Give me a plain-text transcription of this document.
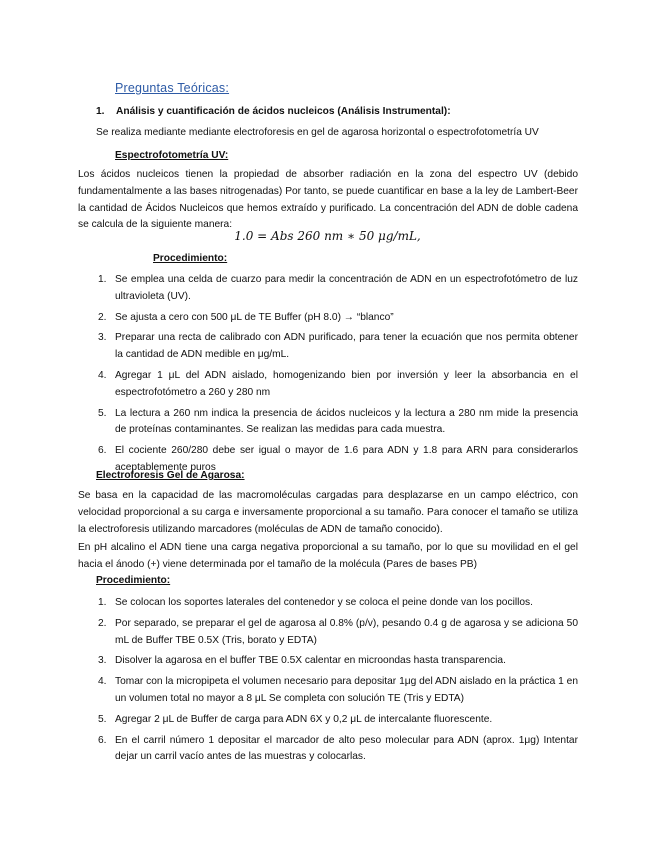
Preguntas Teóricas:
1. Análisis y cuantificación de ácidos nucleicos (Análisis Instrumental):
Se realiza mediante mediante electroforesis en gel de agarosa horizontal o espectrofotometría UV
Espectrofotometría UV:
Los ácidos nucleicos tienen la propiedad de absorber radiación en la zona del espectro UV (debido fundamentalmente a las bases nitrogenadas) Por tanto, se puede cuantificar en base a la ley de Lambert-Beer la cantidad de Ácidos Nucleicos que hemos extraído y purificado. La concentración del ADN de doble cadena se calcula de la siguiente manera:
1.0 = Abs 260 nm ∗ 50 μg/mL,
Procedimiento:
1. Se emplea una celda de cuarzo para medir la concentración de ADN en un espectrofotómetro de luz ultravioleta (UV).
2. Se ajusta a cero con 500 μL de TE Buffer (pH 8.0) → “blanco”
3. Preparar una recta de calibrado con ADN purificado, para tener la ecuación que nos permita obtener la cantidad de ADN medible en μg/mL.
4. Agregar 1 μL del ADN aislado, homogenizando bien por inversión y leer la absorbancia en el espectrofotómetro a 260 y 280 nm
5. La lectura a 260 nm indica la presencia de ácidos nucleicos y la lectura a 280 nm mide la presencia de proteínas contaminantes. Se realizan las medidas para cada muestra.
6. El cociente 260/280 debe ser igual o mayor de 1.6 para ADN y 1.8 para ARN para considerarlos aceptablemente puros
Electroforesis Gel de Agarosa:
Se basa en la capacidad de las macromoléculas cargadas para desplazarse en un campo eléctrico, con velocidad proporcional a su carga e inversamente proporcional a su tamaño. Para conocer el tamaño se utiliza la electroforesis utilizando marcadores (moléculas de ADN de tamaño conocido).
En pH alcalino el ADN tiene una carga negativa proporcional a su tamaño, por lo que su movilidad en el gel hacia el ánodo (+) viene determinada por el tamaño de la molécula (Pares de bases PB)
Procedimiento:
1. Se colocan los soportes laterales del contenedor y se coloca el peine donde van los pocillos.
2. Por separado, se preparar el gel de agarosa al 0.8% (p/v), pesando 0.4 g de agarosa y se adiciona 50 mL de Buffer TBE 0.5X (Tris, borato y EDTA)
3. Disolver la agarosa en el buffer TBE 0.5X calentar en microondas hasta transparencia.
4. Tomar con la micropipeta el volumen necesario para depositar 1μg del ADN aislado en la práctica 1 en un volumen total no mayor a 8 μL Se completa con solución TE (Tris y EDTA)
5. Agregar 2 μL de Buffer de carga para ADN 6X y 0,2 μL de intercalante fluorescente.
6. En el carril número 1 depositar el marcador de alto peso molecular para ADN (aprox. 1μg) Intentar dejar un carril vacío antes de las muestras y colocarlas.
